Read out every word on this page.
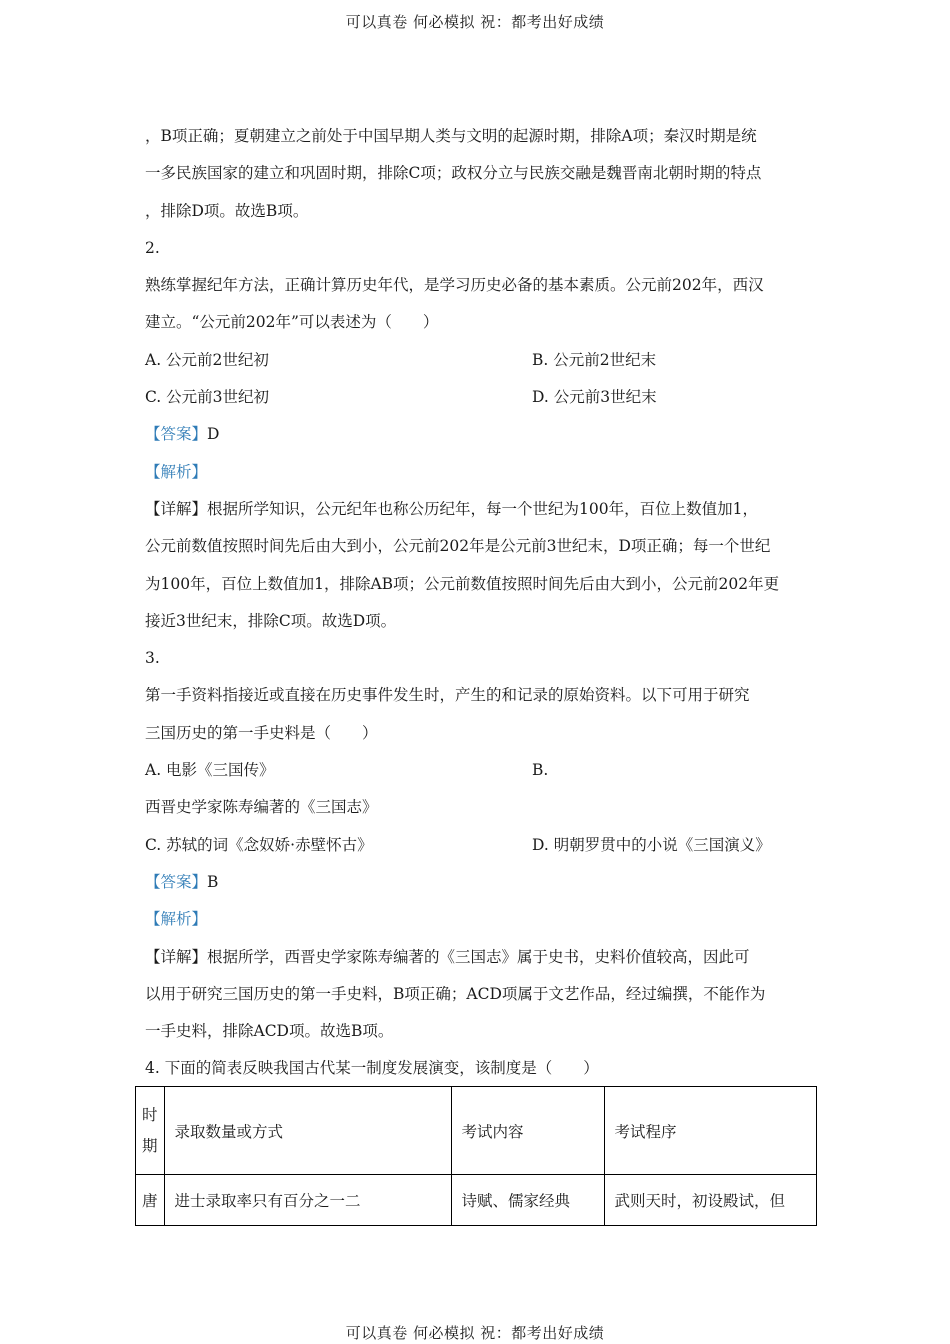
可以真卷 何必模拟 祝：都考出好成绩
，B项正确；夏朝建立之前处于中国早期人类与文明的起源时期，排除A项；秦汉时期是统
一多民族国家的建立和巩固时期，排除C项；政权分立与民族交融是魏晋南北朝时期的特点
，排除D项。故选B项。
2.
熟练掌握纪年方法，正确计算历史年代，是学习历史必备的基本素质。公元前202年，西汉
建立。“公元前202年”可以表述为（　　）
A. 公元前2世纪初	B. 公元前2世纪末
C. 公元前3世纪初	D. 公元前3世纪末
【答案】D
【解析】
【详解】根据所学知识，公元纪年也称公历纪年，每一个世纪为100年，百位上数值加1，
公元前数值按照时间先后由大到小，公元前202年是公元前3世纪末，D项正确；每一个世纪
为100年，百位上数值加1，排除AB项；公元前数值按照时间先后由大到小，公元前202年更
接近3世纪末，排除C项。故选D项。
3.
第一手资料指接近或直接在历史事件发生时，产生的和记录的原始资料。以下可用于研究
三国历史的第一手史料是（　　）
A. 电影《三国传》	B.
西晋史学家陈寿编著的《三国志》
C. 苏轼的词《念奴娇·赤壁怀古》	D. 明朝罗贯中的小说《三国演义》
【答案】B
【解析】
【详解】根据所学，西晋史学家陈寿编著的《三国志》属于史书，史料价值较高，因此可
以用于研究三国历史的第一手史料，B项正确；ACD项属于文艺作品，经过编撰，不能作为
一手史料，排除ACD项。故选B项。
4. 下面的简表反映我国古代某一制度发展演变，该制度是（　　）
时期	录取数量或方式	考试内容	考试程序
唐	进士录取率只有百分之一二	诗赋、儒家经典	武则天时，初设殿试，但
可以真卷 何必模拟 祝：都考出好成绩
